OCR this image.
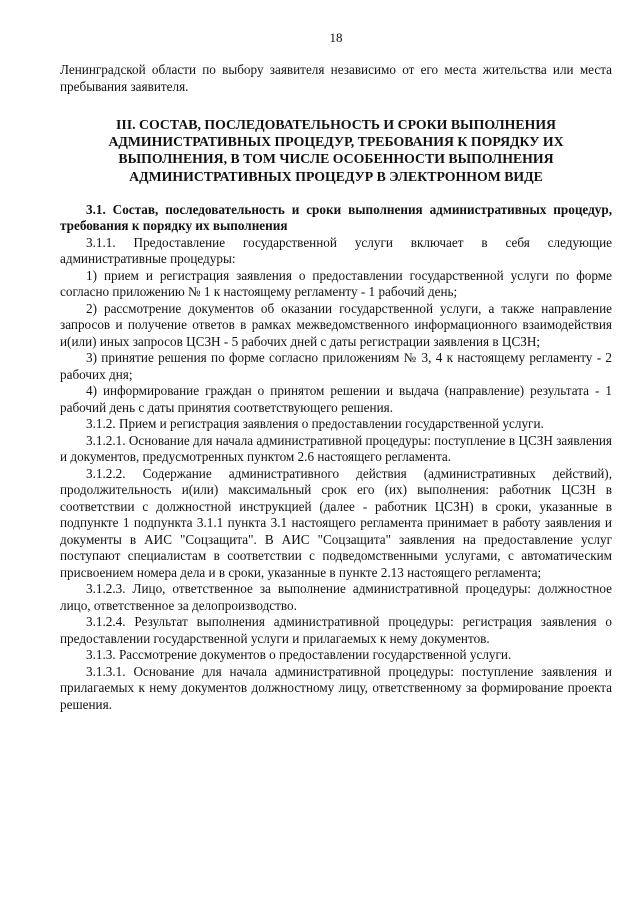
18

Ленинградской области по выбору заявителя независимо от его места жительства или места пребывания заявителя.

III. СОСТАВ, ПОСЛЕДОВАТЕЛЬНОСТЬ И СРОКИ ВЫПОЛНЕНИЯ АДМИНИСТРАТИВНЫХ ПРОЦЕДУР, ТРЕБОВАНИЯ К ПОРЯДКУ ИХ ВЫПОЛНЕНИЯ, В ТОМ ЧИСЛЕ ОСОБЕННОСТИ ВЫПОЛНЕНИЯ АДМИНИСТРАТИВНЫХ ПРОЦЕДУР В ЭЛЕКТРОННОМ ВИДЕ

3.1. Состав, последовательность и сроки выполнения административных процедур, требования к порядку их выполнения

3.1.1. Предоставление государственной услуги включает в себя следующие административные процедуры:

1) прием и регистрация заявления о предоставлении государственной услуги по форме согласно приложению № 1 к настоящему регламенту - 1 рабочий день;

2) рассмотрение документов об оказании государственной услуги, а также направление запросов и получение ответов в рамках межведомственного информационного взаимодействия и(или) иных запросов ЦСЗН - 5 рабочих дней с даты регистрации заявления в ЦСЗН;

3) принятие решения по форме согласно приложениям № 3, 4 к настоящему регламенту - 2 рабочих дня;

4) информирование граждан о принятом решении и выдача (направление) результата - 1 рабочий день с даты принятия соответствующего решения.

3.1.2. Прием и регистрация заявления о предоставлении государственной услуги.

3.1.2.1. Основание для начала административной процедуры: поступление в ЦСЗН заявления и документов, предусмотренных пунктом 2.6 настоящего регламента.

3.1.2.2. Содержание административного действия (административных действий), продолжительность и(или) максимальный срок его (их) выполнения: работник ЦСЗН в соответствии с должностной инструкцией (далее - работник ЦСЗН) в сроки, указанные в подпункте 1 подпункта 3.1.1 пункта 3.1 настоящего регламента принимает в работу заявления и документы в АИС "Соцзащита". В АИС "Соцзащита" заявления на предоставление услуг поступают специалистам в соответствии с подведомственными услугами, с автоматическим присвоением номера дела и в сроки, указанные в пункте 2.13 настоящего регламента;

3.1.2.3. Лицо, ответственное за выполнение административной процедуры: должностное лицо, ответственное за делопроизводство.

3.1.2.4. Результат выполнения административной процедуры: регистрация заявления о предоставлении государственной услуги и прилагаемых к нему документов.

3.1.3. Рассмотрение документов о предоставлении государственной услуги.

3.1.3.1. Основание для начала административной процедуры: поступление заявления и прилагаемых к нему документов должностному лицу, ответственному за формирование проекта решения.
